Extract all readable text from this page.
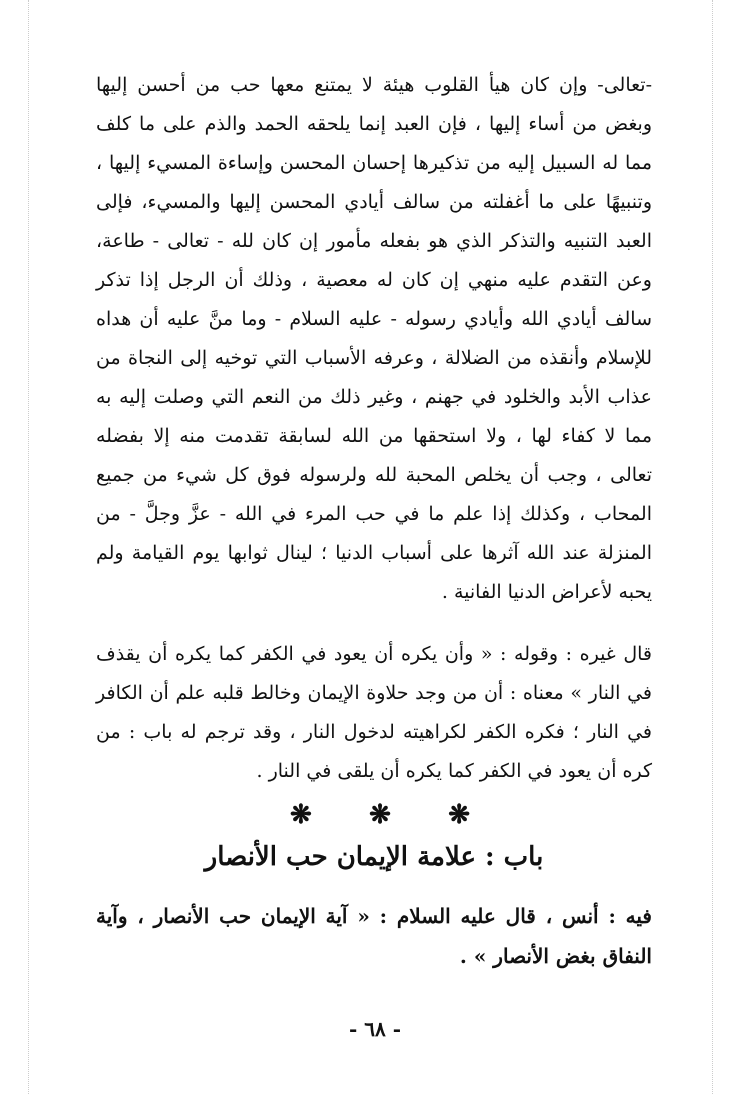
-تعالى- وإن كان هيأ القلوب هيئة لا يمتنع معها حب من أحسن إليها وبغض من أساء إليها ، فإن العبد إنما يلحقه الحمد والذم على ما كلف مما له السبيل إليه من تذكيرها إحسان المحسن وإساءة المسيء إليها ، وتنبيهًا على ما أغفلته من سالف أيادي المحسن إليها والمسيء، فإلى العبد التنبيه والتذكر الذي هو بفعله مأمور إن كان لله - تعالى - طاعة، وعن التقدم عليه منهي إن كان له معصية ، وذلك أن الرجل إذا تذكر سالف أيادي الله وأيادي رسوله - عليه السلام - وما منَّ عليه أن هداه للإسلام وأنقذه من الضلالة ، وعرفه الأسباب التي توخيه إلى النجاة من عذاب الأبد والخلود في جهنم ، وغير ذلك من النعم التي وصلت إليه به مما لا كفاء لها ، ولا استحقها من الله لسابقة تقدمت منه إلا بفضله تعالى ، وجب أن يخلص المحبة لله ولرسوله فوق كل شيء من جميع المحاب ، وكذلك إذا علم ما في حب المرء في الله - عزَّ وجلَّ - من المنزلة عند الله آثرها على أسباب الدنيا ؛ لينال ثوابها يوم القيامة ولم يحبه لأعراض الدنيا الفانية .

قال غيره : وقوله : « وأن يكره أن يعود في الكفر كما يكره أن يقذف في النار » معناه : أن من وجد حلاوة الإيمان وخالط قلبه علم أن الكافر في النار ؛ فكره الكفر لكراهيته لدخول النار ، وقد ترجم له باب : من كره أن يعود في الكفر كما يكره أن يلقى في النار .

❋ ❋ ❋
باب : علامة الإيمان حب الأنصار

فيه : أنس ، قال عليه السلام : « آية الإيمان حب الأنصار ، وآية النفاق بغض الأنصار » .

- ٦٨ -
